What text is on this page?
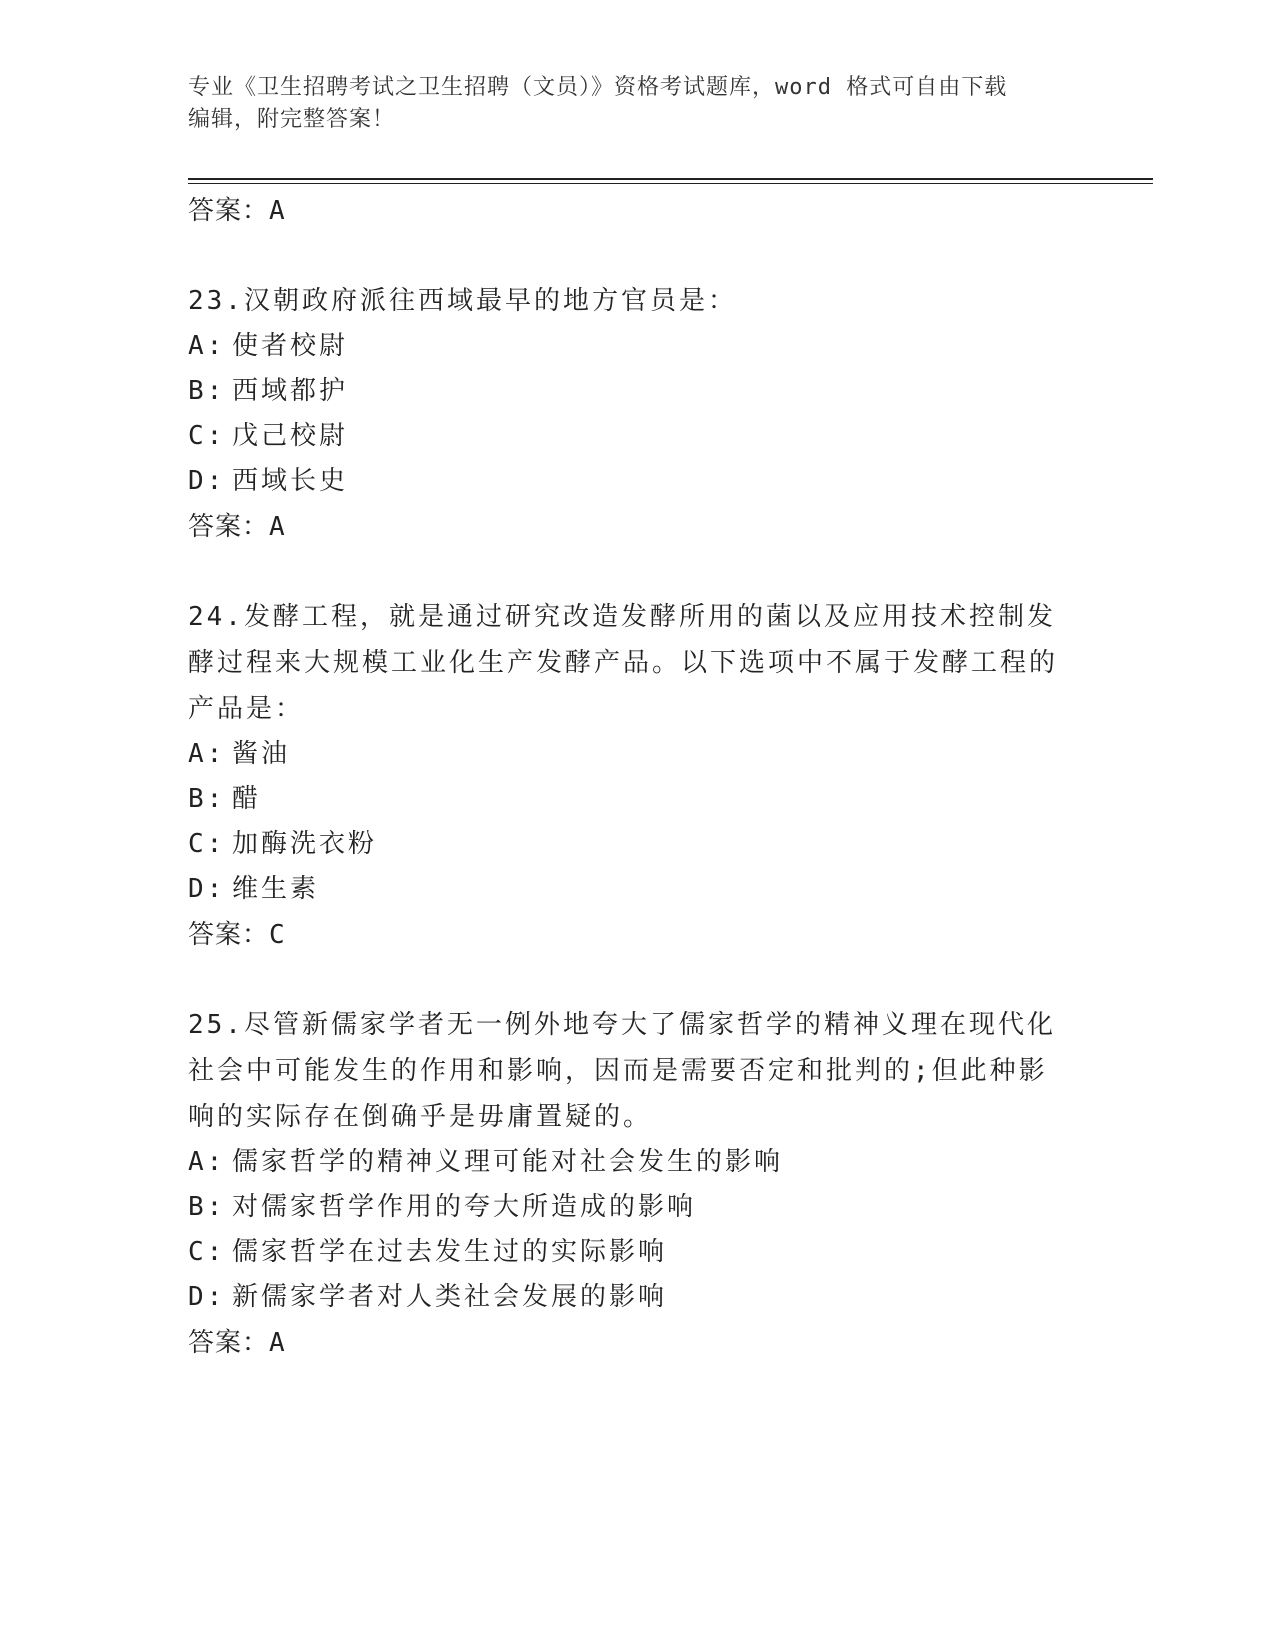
专业《卫生招聘考试之卫生招聘（文员）》资格考试题库，word 格式可自由下载
编辑，附完整答案！

答案：A

23.汉朝政府派往西域最早的地方官员是：

A: 使者校尉

B: 西域都护

C: 戊己校尉

D: 西域长史

答案：A

24.发酵工程，就是通过研究改造发酵所用的菌以及应用技术控制发酵过程来大规模工业化生产发酵产品。以下选项中不属于发酵工程的产品是：

A: 酱油

B: 醋

C: 加酶洗衣粉

D: 维生素

答案：C

25.尽管新儒家学者无一例外地夸大了儒家哲学的精神义理在现代化社会中可能发生的作用和影响，因而是需要否定和批判的;但此种影响的实际存在倒确乎是毋庸置疑的。

A: 儒家哲学的精神义理可能对社会发生的影响

B: 对儒家哲学作用的夸大所造成的影响

C: 儒家哲学在过去发生过的实际影响

D: 新儒家学者对人类社会发展的影响

答案：A
